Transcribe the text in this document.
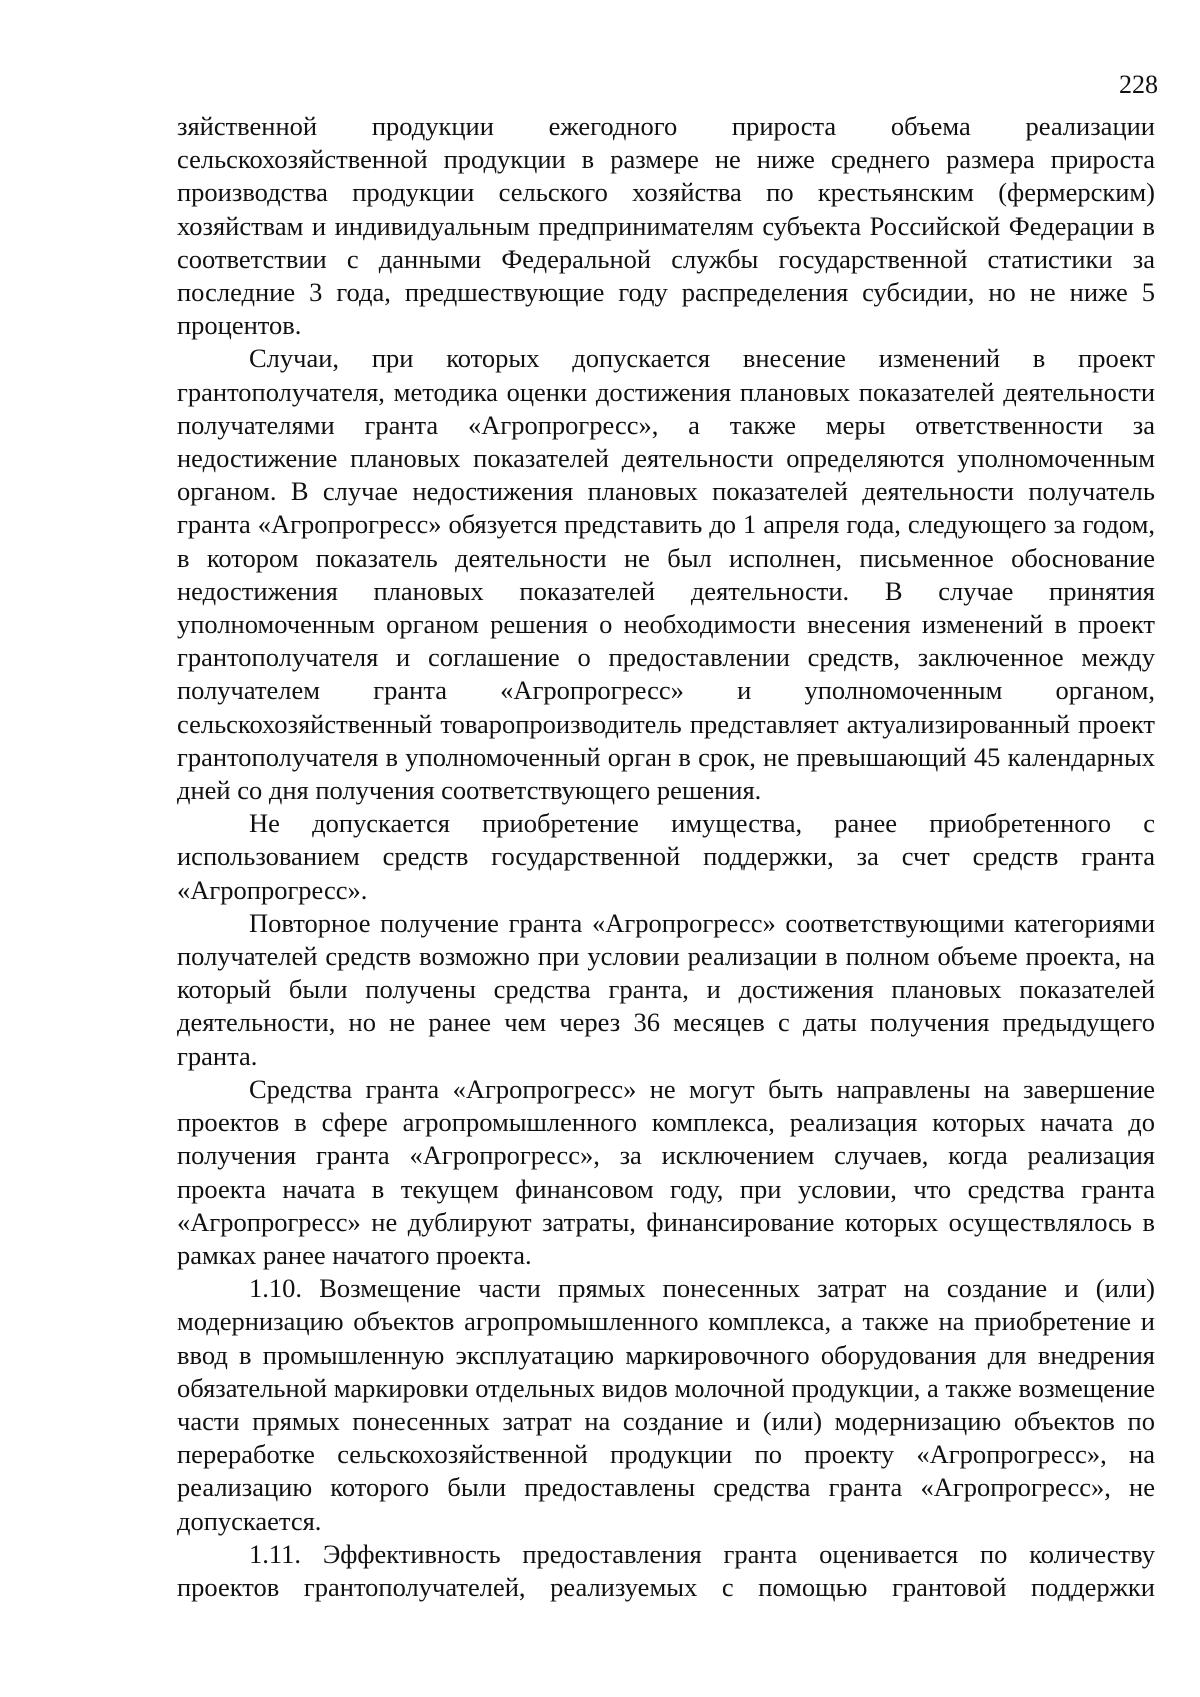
228

зяйственной продукции ежегодного прироста объема реализации сельскохозяйственной продукции в размере не ниже среднего размера прироста производства продукции сельского хозяйства по крестьянским (фермерским) хозяйствам и индивидуальным предпринимателям субъекта Российской Федерации в соответствии с данными Федеральной службы государственной статистики за последние 3 года, предшествующие году распределения субсидии, но не ниже 5 процентов.

Случаи, при которых допускается внесение изменений в проект грантополучателя, методика оценки достижения плановых показателей деятельности получателями гранта «Агропрогресс», а также меры ответственности за недостижение плановых показателей деятельности определяются уполномоченным органом. В случае недостижения плановых показателей деятельности получатель гранта «Агропрогресс» обязуется представить до 1 апреля года, следующего за годом, в котором показатель деятельности не был исполнен, письменное обоснование недостижения плановых показателей деятельности. В случае принятия уполномоченным органом решения о необходимости внесения изменений в проект грантополучателя и соглашение о предоставлении средств, заключенное между получателем гранта «Агропрогресс» и уполномоченным органом, сельскохозяйственный товаропроизводитель представляет актуализированный проект грантополучателя в уполномоченный орган в срок, не превышающий 45 календарных дней со дня получения соответствующего решения.

Не допускается приобретение имущества, ранее приобретенного с использованием средств государственной поддержки, за счет средств гранта «Агропрогресс».

Повторное получение гранта «Агропрогресс» соответствующими категориями получателей средств возможно при условии реализации в полном объеме проекта, на который были получены средства гранта, и достижения плановых показателей деятельности, но не ранее чем через 36 месяцев с даты получения предыдущего гранта.

Средства гранта «Агропрогресс» не могут быть направлены на завершение проектов в сфере агропромышленного комплекса, реализация которых начата до получения гранта «Агропрогресс», за исключением случаев, когда реализация проекта начата в текущем финансовом году, при условии, что средства гранта «Агропрогресс» не дублируют затраты, финансирование которых осуществлялось в рамках ранее начатого проекта.

1.10. Возмещение части прямых понесенных затрат на создание и (или) модернизацию объектов агропромышленного комплекса, а также на приобретение и ввод в промышленную эксплуатацию маркировочного оборудования для внедрения обязательной маркировки отдельных видов молочной продукции, а также возмещение части прямых понесенных затрат на создание и (или) модернизацию объектов по переработке сельскохозяйственной продукции по проекту «Агропрогресс», на реализацию которого были предоставлены средства гранта «Агропрогресс», не допускается.

1.11. Эффективность предоставления гранта оценивается по количеству проектов грантополучателей, реализуемых с помощью грантовой поддержки
